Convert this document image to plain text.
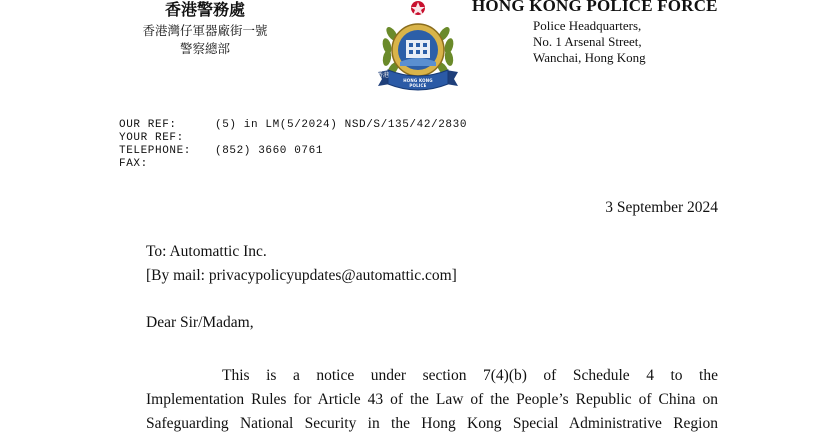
香港警務處
香港灣仔軍器廠街一號
警察總部
HONG KONG POLICE
香港
HONG KONG POLICE FORCE
Police Headquarters,
No. 1 Arsenal Street,
Wanchai, Hong Kong
OUR REF:	(5) in LM(5/2024) NSD/S/135/42/2830
YOUR REF:
TELEPHONE: (852) 3660 0761
FAX:
3 September 2024
To: Automattic Inc.
[By mail: privacypolicyupdates@automattic.com]
Dear Sir/Madam,
This is a notice under section 7(4)(b) of Schedule 4 to the
Implementation Rules for Article 43 of the Law of the People’s Republic of China on
Safeguarding National Security in the Hong Kong Special Administrative Region
